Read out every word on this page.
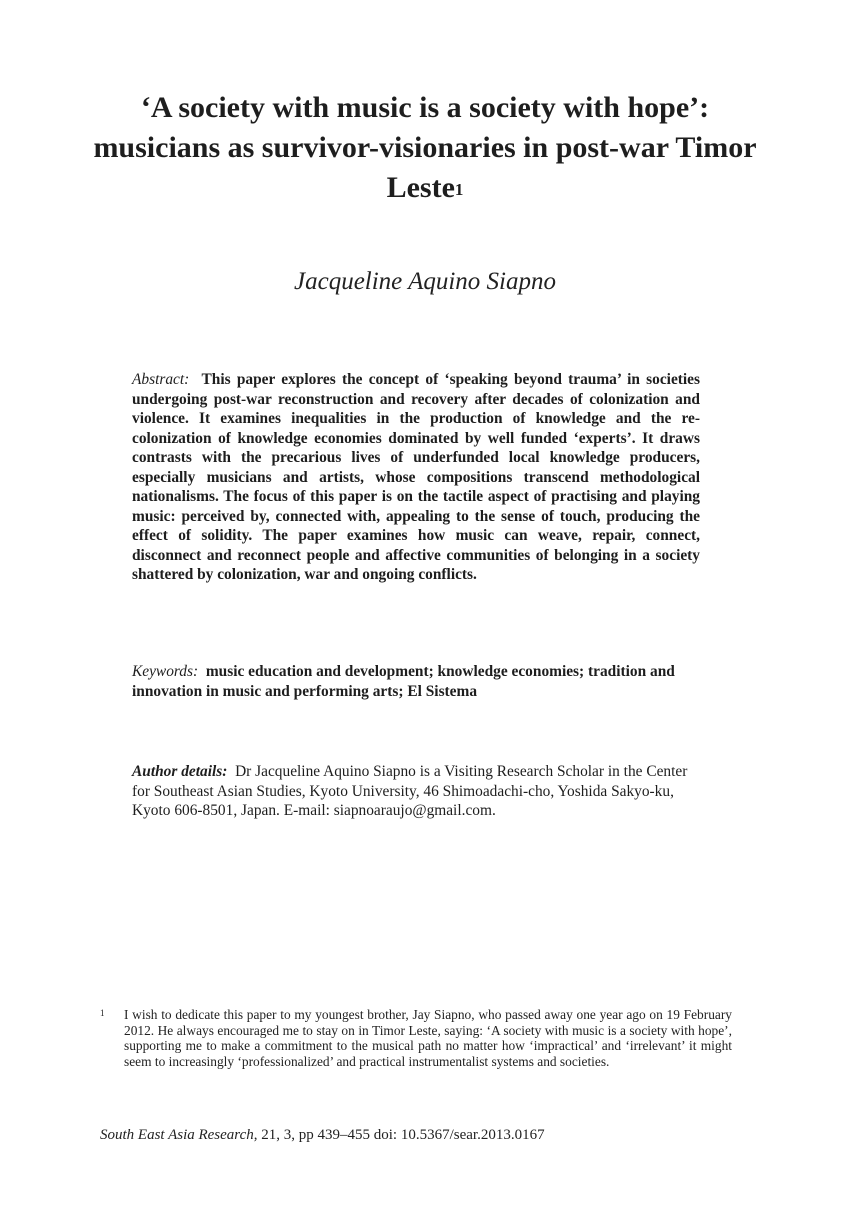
‘A society with music is a society with hope’: musicians as survivor-visionaries in post-war Timor Leste$^1$
Jacqueline Aquino Siapno
Abstract: This paper explores the concept of ‘speaking beyond trauma’ in societies undergoing post-war reconstruction and recovery after decades of colonization and violence. It examines inequalities in the production of knowledge and the re-colonization of knowledge economies dominated by well funded ‘experts’. It draws contrasts with the precarious lives of underfunded local knowledge producers, especially musicians and artists, whose compositions transcend methodological nationalisms. The focus of this paper is on the tactile aspect of practising and playing music: perceived by, connected with, appealing to the sense of touch, producing the effect of solidity. The paper examines how music can weave, repair, connect, disconnect and reconnect people and affective communities of belonging in a society shattered by colonization, war and ongoing conflicts.
Keywords: music education and development; knowledge economies; tradition and innovation in music and performing arts; El Sistema
Author details: Dr Jacqueline Aquino Siapno is a Visiting Research Scholar in the Center for Southeast Asian Studies, Kyoto University, 46 Shimoadachi-cho, Yoshida Sakyo-ku, Kyoto 606-8501, Japan. E-mail: siapnoaraujo@gmail.com.
1 I wish to dedicate this paper to my youngest brother, Jay Siapno, who passed away one year ago on 19 February 2012. He always encouraged me to stay on in Timor Leste, saying: ‘A society with music is a society with hope’, supporting me to make a commitment to the musical path no matter how ‘impractical’ and ‘irrelevant’ it might seem to increasingly ‘professionalized’ and practical instrumentalist systems and societies.
South East Asia Research, 21, 3, pp 439–455 doi: 10.5367/sear.2013.0167
